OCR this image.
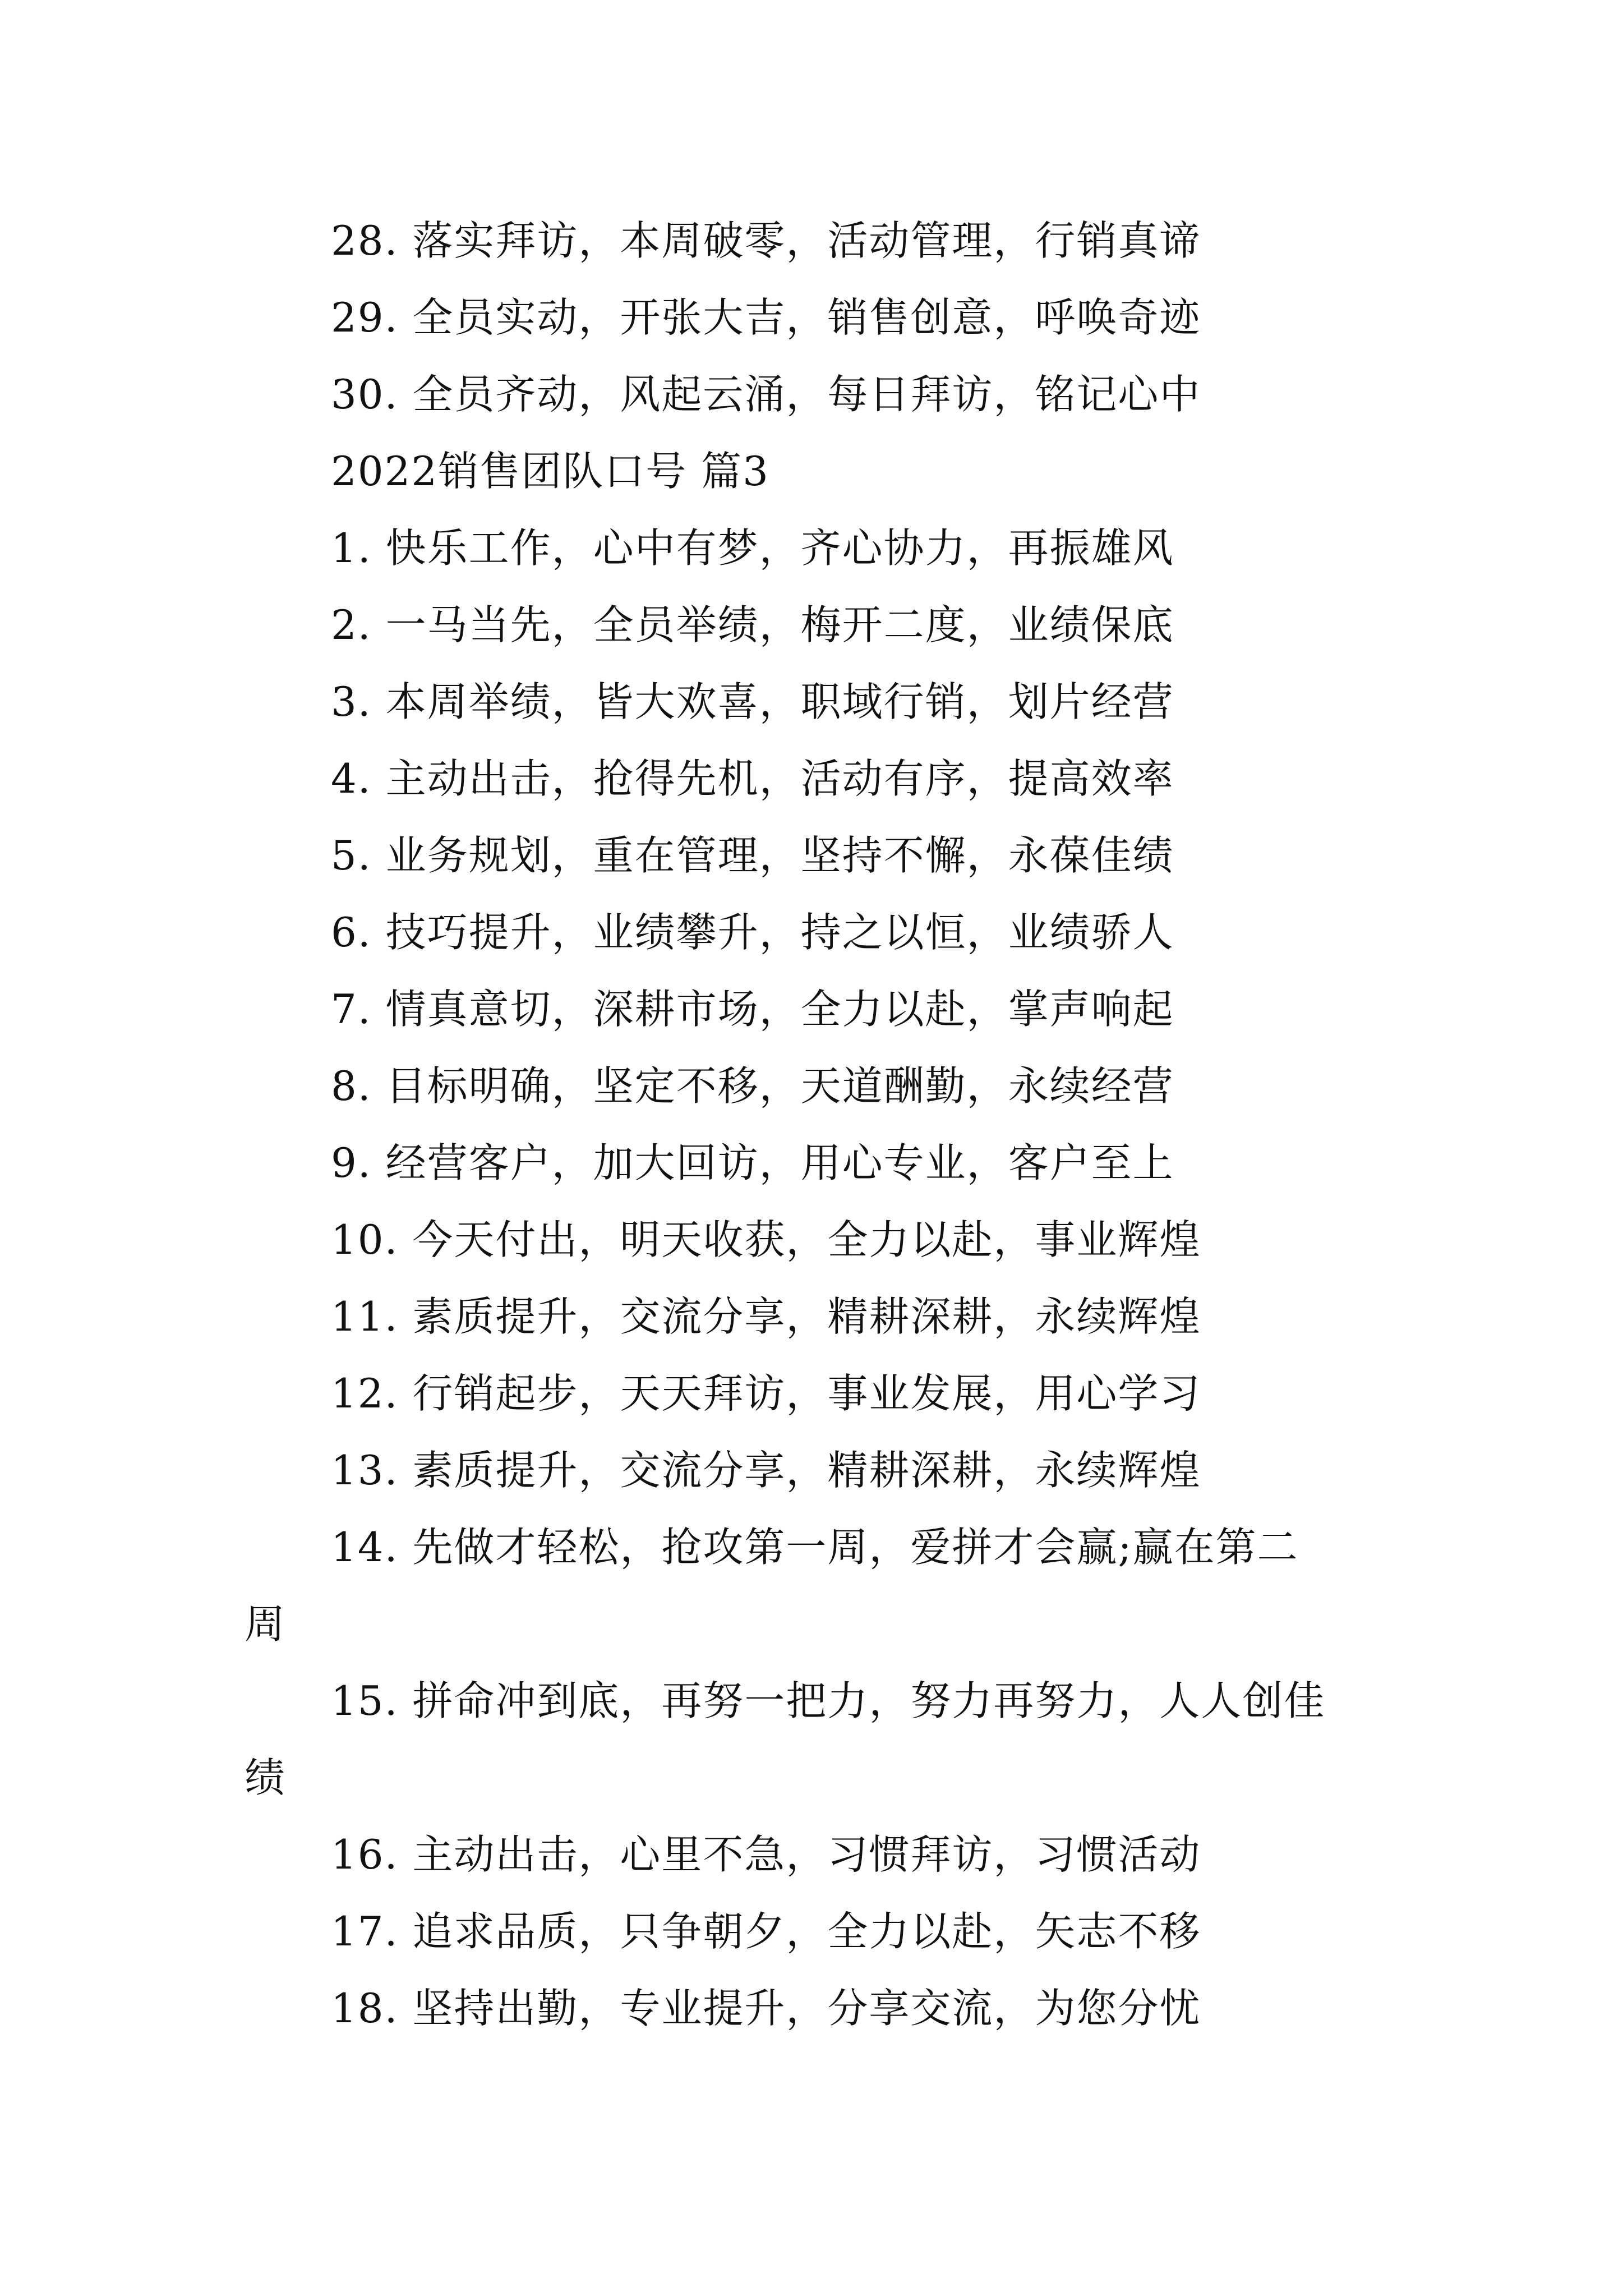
28. 落实拜访，本周破零，活动管理，行销真谛
29. 全员实动，开张大吉，销售创意，呼唤奇迹
30. 全员齐动，风起云涌，每日拜访，铭记心中
2022销售团队口号 篇3
1. 快乐工作，心中有梦，齐心协力，再振雄风
2. 一马当先，全员举绩，梅开二度，业绩保底
3. 本周举绩，皆大欢喜，职域行销，划片经营
4. 主动出击，抢得先机，活动有序，提高效率
5. 业务规划，重在管理，坚持不懈，永葆佳绩
6. 技巧提升，业绩攀升，持之以恒，业绩骄人
7. 情真意切，深耕市场，全力以赴，掌声响起
8. 目标明确，坚定不移，天道酬勤，永续经营
9. 经营客户，加大回访，用心专业，客户至上
10. 今天付出，明天收获，全力以赴，事业辉煌
11. 素质提升，交流分享，精耕深耕，永续辉煌
12. 行销起步，天天拜访，事业发展，用心学习
13. 素质提升，交流分享，精耕深耕，永续辉煌
14. 先做才轻松，抢攻第一周，爱拼才会赢;赢在第二
周
15. 拼命冲到底，再努一把力，努力再努力，人人创佳
绩
16. 主动出击，心里不急，习惯拜访，习惯活动
17. 追求品质，只争朝夕，全力以赴，矢志不移
18. 坚持出勤，专业提升，分享交流，为您分忧
